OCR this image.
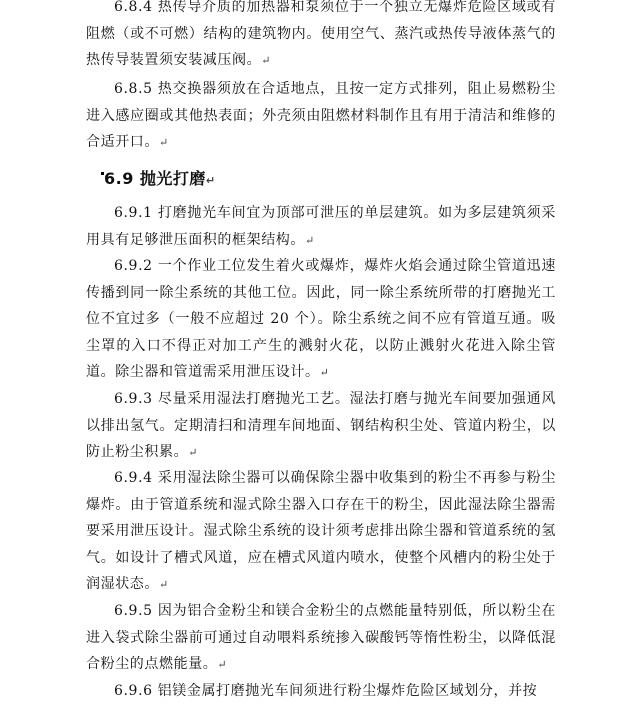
6.8.4 热传导介质的加热器和泵须位于一个独立无爆炸危险区域或有阻燃（或不可燃）结构的建筑物内。使用空气、蒸汽或热传导液体蒸气的热传导装置须安装减压阀。↵

6.8.5 热交换器须放在合适地点，且按一定方式排列，阻止易燃粉尘进入感应圈或其他热表面；外壳须由阻燃材料制作且有用于清洁和维修的合适开口。↵

6.9 抛光打磨↵

6.9.1 打磨抛光车间宜为顶部可泄压的单层建筑。如为多层建筑须采用具有足够泄压面积的框架结构。↵

6.9.2 一个作业工位发生着火或爆炸，爆炸火焰会通过除尘管道迅速传播到同一除尘系统的其他工位。因此，同一除尘系统所带的打磨抛光工位不宜过多（一般不应超过 20 个）。除尘系统之间不应有管道互通。吸尘罩的入口不得正对加工产生的溅射火花，以防止溅射火花进入除尘管道。除尘器和管道需采用泄压设计。↵

6.9.3 尽量采用湿法打磨抛光工艺。湿法打磨与抛光车间要加强通风以排出氢气。定期清扫和清理车间地面、钢结构积尘处、管道内粉尘，以防止粉尘积累。↵

6.9.4 采用湿法除尘器可以确保除尘器中收集到的粉尘不再参与粉尘爆炸。由于管道系统和湿式除尘器入口存在干的粉尘，因此湿法除尘器需要采用泄压设计。湿式除尘系统的设计须考虑排出除尘器和管道系统的氢气。如设计了槽式风道，应在槽式风道内喷水，使整个风槽内的粉尘处于润湿状态。↵

6.9.5 因为铝合金粉尘和镁合金粉尘的点燃能量特别低，所以粉尘在进入袋式除尘器前可通过自动喂料系统掺入碳酸钙等惰性粉尘，以降低混合粉尘的点燃能量。↵

6.9.6 铝镁金属打磨抛光车间须进行粉尘爆炸危险区域划分，并按
